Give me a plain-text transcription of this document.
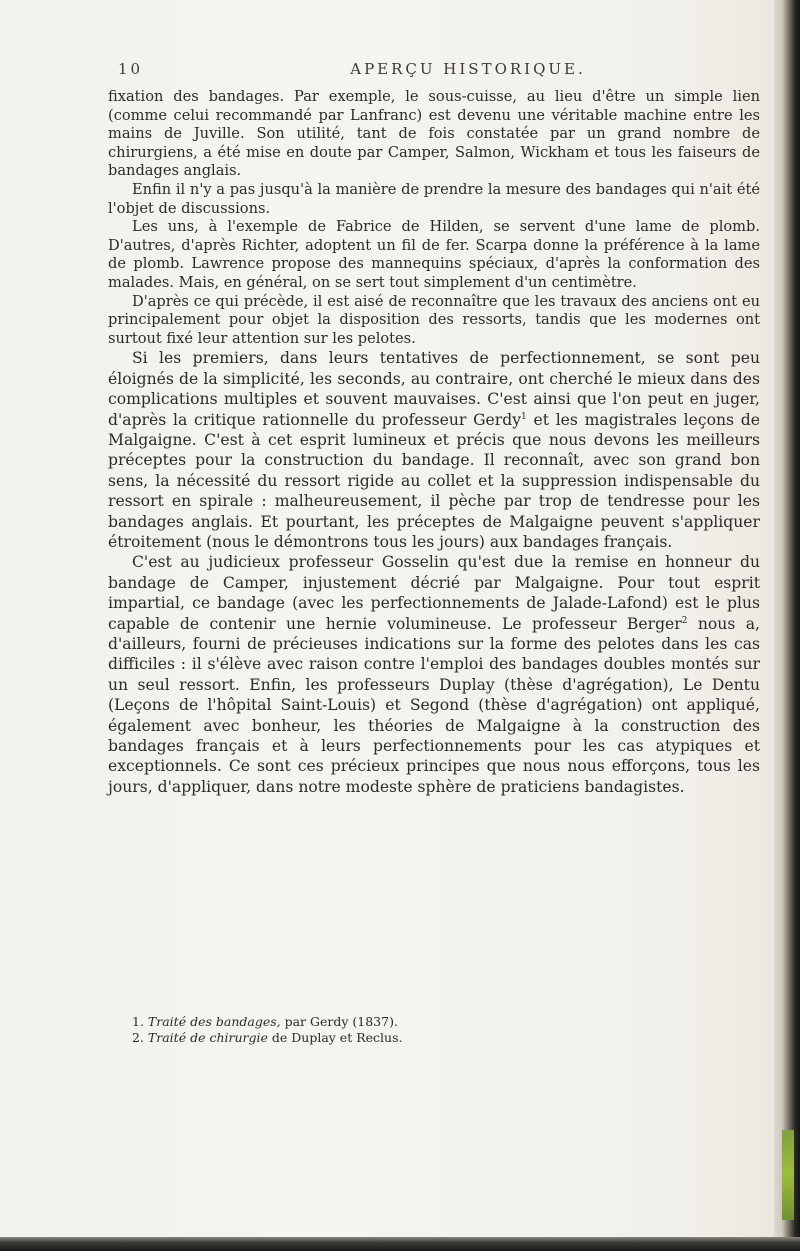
10	APERÇU HISTORIQUE.

fixation des bandages. Par exemple, le sous-cuisse, au lieu d'être un simple lien (comme celui recommandé par Lanfranc) est devenu une véritable machine entre les mains de Juville. Son utilité, tant de fois constatée par un grand nombre de chirurgiens, a été mise en doute par Camper, Salmon, Wickham et tous les faiseurs de bandages anglais.

Enfin il n'y a pas jusqu'à la manière de prendre la mesure des bandages qui n'ait été l'objet de discussions.

Les uns, à l'exemple de Fabrice de Hilden, se servent d'une lame de plomb. D'autres, d'après Richter, adoptent un fil de fer. Scarpa donne la préférence à la lame de plomb. Lawrence propose des mannequins spéciaux, d'après la conformation des malades. Mais, en général, on se sert tout simplement d'un centimètre.

D'après ce qui précède, il est aisé de reconnaître que les travaux des anciens ont eu principalement pour objet la disposition des ressorts, tandis que les modernes ont surtout fixé leur attention sur les pelotes.

Si les premiers, dans leurs tentatives de perfectionnement, se sont peu éloignés de la simplicité, les seconds, au contraire, ont cherché le mieux dans des complications multiples et souvent mauvaises. C'est ainsi que l'on peut en juger, d'après la critique rationnelle du professeur Gerdy$^1$ et les magistrales leçons de Malgaigne. C'est à cet esprit lumineux et précis que nous devons les meilleurs préceptes pour la construction du bandage. Il reconnaît, avec son grand bon sens, la nécessité du ressort rigide au collet et la suppression indispensable du ressort en spirale : malheureusement, il pèche par trop de tendresse pour les bandages anglais. Et pourtant, les préceptes de Malgaigne peuvent s'appliquer étroitement (nous le démontrons tous les jours) aux bandages français.

C'est au judicieux professeur Gosselin qu'est due la remise en honneur du bandage de Camper, injustement décrié par Malgaigne. Pour tout esprit impartial, ce bandage (avec les perfectionnements de Jalade-Lafond) est le plus capable de contenir une hernie volumineuse. Le professeur Berger$^2$ nous a, d'ailleurs, fourni de précieuses indications sur la forme des pelotes dans les cas difficiles : il s'élève avec raison contre l'emploi des bandages doubles montés sur un seul ressort. Enfin, les professeurs Duplay (thèse d'agrégation), Le Dentu (Leçons de l'hôpital Saint-Louis) et Segond (thèse d'agrégation) ont appliqué, également avec bonheur, les théories de Malgaigne à la construction des bandages français et à leurs perfectionnements pour les cas atypiques et exceptionnels. Ce sont ces précieux principes que nous nous efforçons, tous les jours, d'appliquer, dans notre modeste sphère de praticiens bandagistes.

1. Traité des bandages, par Gerdy (1837).
2. Traité de chirurgie de Duplay et Reclus.
